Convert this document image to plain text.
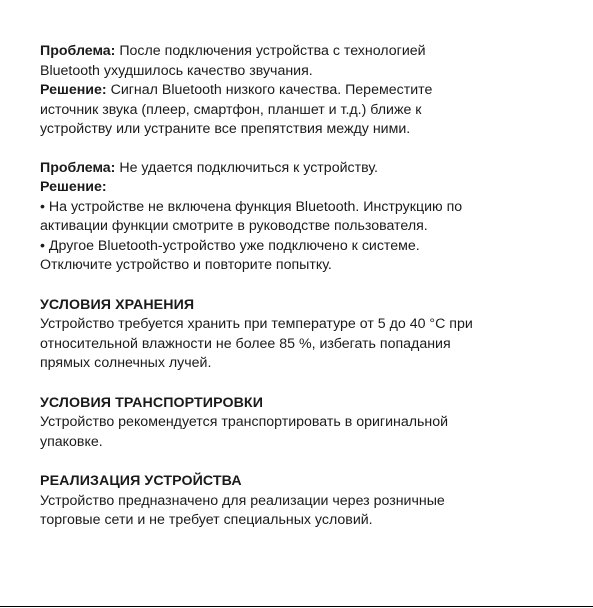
Проблема: После подключения устройства с технологией
Bluetooth ухудшилось качество звучания.
Решение: Сигнал Bluetooth низкого качества. Переместите
источник звука (плеер, смартфон, планшет и т.д.) ближе к
устройству или устраните все препятствия между ними.
Проблема: Не удается подключиться к устройству.
Решение:
• На устройстве не включена функция Bluetooth. Инструкцию по
активации функции смотрите в руководстве пользователя.
• Другое Bluetooth-устройство уже подключено к системе.
Отключите устройство и повторите попытку.
УСЛОВИЯ ХРАНЕНИЯ
Устройство требуется хранить при температуре от 5 до 40 °С при
относительной влажности не более 85 %, избегать попадания
прямых солнечных лучей.
УСЛОВИЯ ТРАНСПОРТИРОВКИ
Устройство рекомендуется транспортировать в оригинальной
упаковке.
РЕАЛИЗАЦИЯ УСТРОЙСТВА
Устройство предназначено для реализации через розничные
торговые сети и не требует специальных условий.
